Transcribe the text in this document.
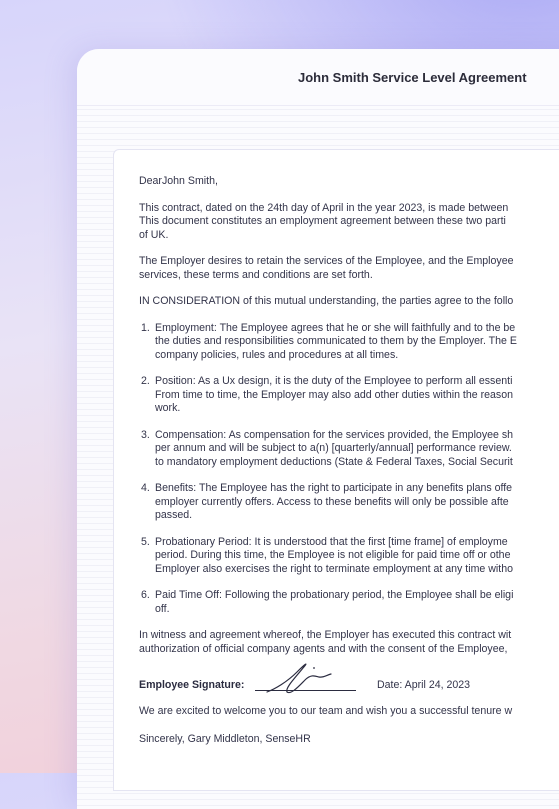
John Smith Service Level Agreement

DearJohn Smith,

This contract, dated on the 24th day of April in the year 2023, is made between

This document constitutes an employment agreement between these two parti

of UK.

The Employer desires to retain the services of the Employee, and the Employee

services, these terms and conditions are set forth.

IN CONSIDERATION of this mutual understanding, the parties agree to the follo

1. Employment: The Employee agrees that he or she will faithfully and to the be

the duties and responsibilities communicated to them by the Employer. The E

company policies, rules and procedures at all times.

2. Position: As a Ux design, it is the duty of the Employee to perform all essenti

From time to time, the Employer may also add other duties within the reason

work.

3. Compensation: As compensation for the services provided, the Employee sh

per annum and will be subject to a(n) [quarterly/annual] performance review.

to mandatory employment deductions (State & Federal Taxes, Social Securit

4. Benefits: The Employee has the right to participate in any benefits plans offe

employer currently offers. Access to these benefits will only be possible afte

passed.

5. Probationary Period: It is understood that the first [time frame] of employme

period. During this time, the Employee is not eligible for paid time off or othe

Employer also exercises the right to terminate employment at any time witho

6. Paid Time Off: Following the probationary period, the Employee shall be eligi

off.

In witness and agreement whereof, the Employer has executed this contract wit

authorization of official company agents and with the consent of the Employee,

Employee Signature:	Date: April 24, 2023

We are excited to welcome you to our team and wish you a successful tenure w

Sincerely, Gary Middleton, SenseHR
